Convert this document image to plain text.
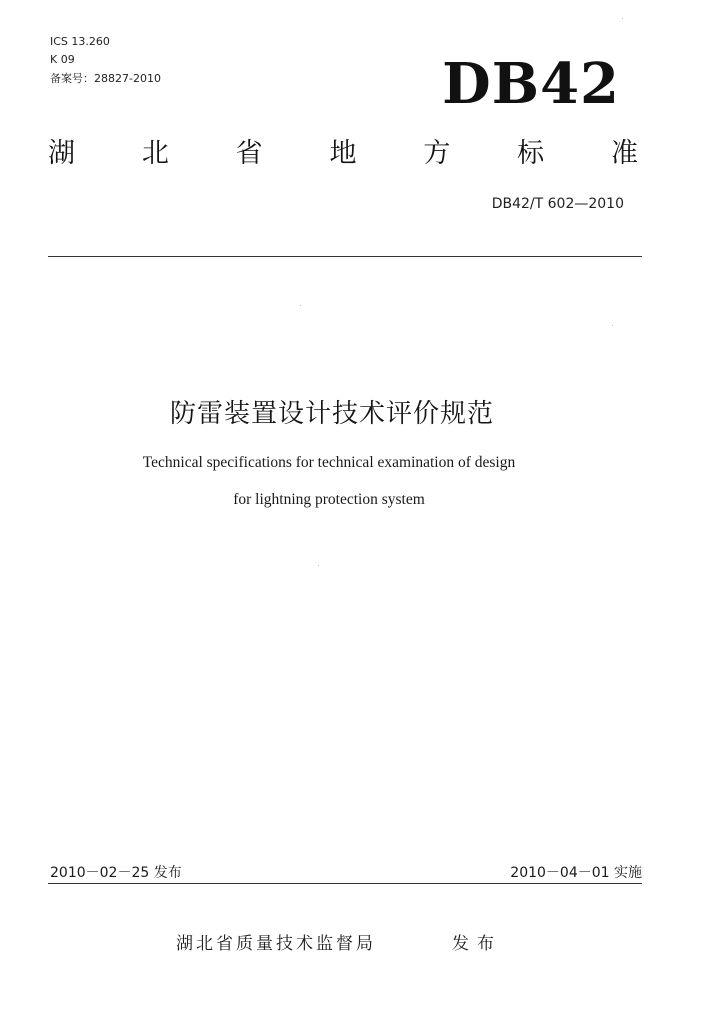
ICS 13.260
K 09
备案号：28827-2010	DB42
湖 北 省 地 方 标 准
DB42/T 602—2010
防雷装置设计技术评价规范
Technical specifications for technical examination of design
for lightning protection system
2010－02－25 发布	2010－04－01 实施
湖北省质量技术监督局	发布
